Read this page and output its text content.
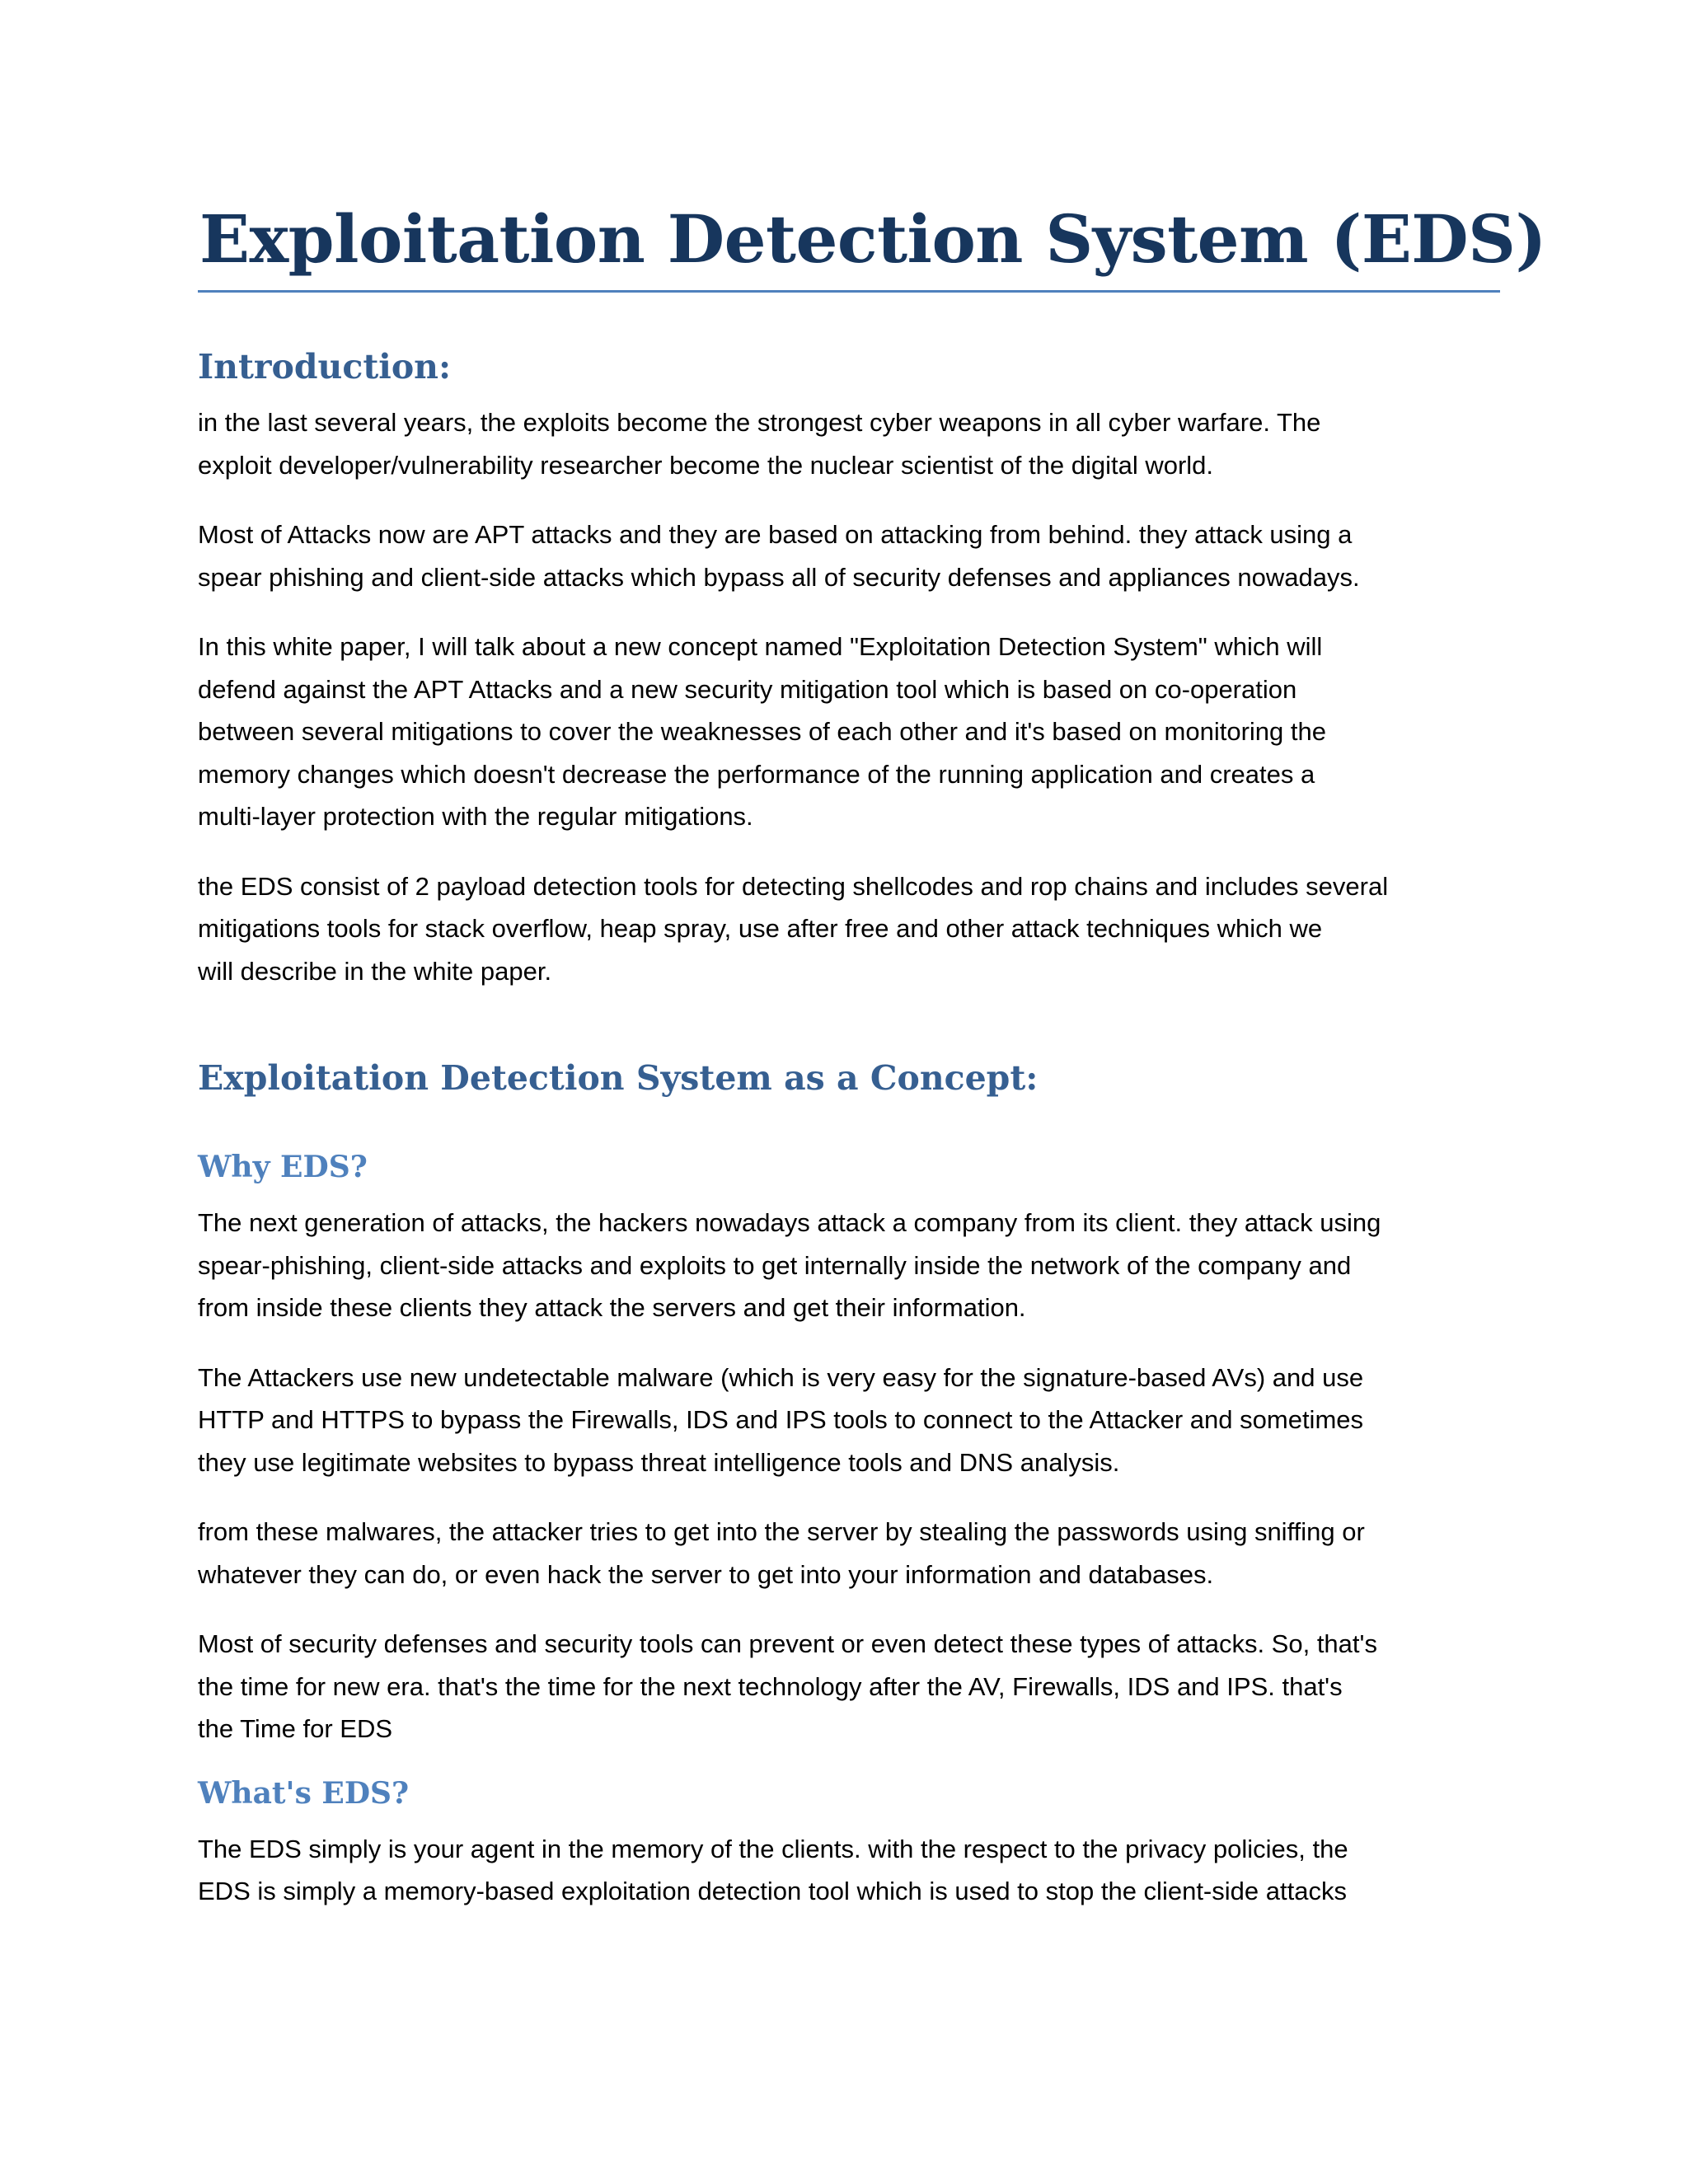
Exploitation Detection System (EDS)
Introduction:

in the last several years, the exploits become the strongest cyber weapons in all cyber warfare. The
exploit developer/vulnerability researcher become the nuclear scientist of the digital world.

Most of Attacks now are APT attacks and they are based on attacking from behind. they attack using a
spear phishing and client-side attacks which bypass all of security defenses and appliances nowadays.

In this white paper, I will talk about a new concept named "Exploitation Detection System" which will
defend against the APT Attacks and a new security mitigation tool which is based on co-operation
between several mitigations to cover the weaknesses of each other and it's based on monitoring the
memory changes which doesn't decrease the performance of the running application and creates a
multi-layer protection with the regular mitigations.

the EDS consist of 2 payload detection tools for detecting shellcodes and rop chains and includes several
mitigations tools for stack overflow, heap spray, use after free and other attack techniques which we
will describe in the white paper.

Exploitation Detection System as a Concept:
Why EDS?

The next generation of attacks, the hackers nowadays attack a company from its client. they attack using
spear-phishing, client-side attacks and exploits to get internally inside the network of the company and
from inside these clients they attack the servers and get their information.

The Attackers use new undetectable malware (which is very easy for the signature-based AVs) and use
HTTP and HTTPS to bypass the Firewalls, IDS and IPS tools to connect to the Attacker and sometimes
they use legitimate websites to bypass threat intelligence tools and DNS analysis.

from these malwares, the attacker tries to get into the server by stealing the passwords using sniffing or
whatever they can do, or even hack the server to get into your information and databases.

Most of security defenses and security tools can prevent or even detect these types of attacks. So, that's
the time for new era. that's the time for the next technology after the AV, Firewalls, IDS and IPS. that's
the Time for EDS

What's EDS?

The EDS simply is your agent in the memory of the clients. with the respect to the privacy policies, the
EDS is simply a memory-based exploitation detection tool which is used to stop the client-side attacks
